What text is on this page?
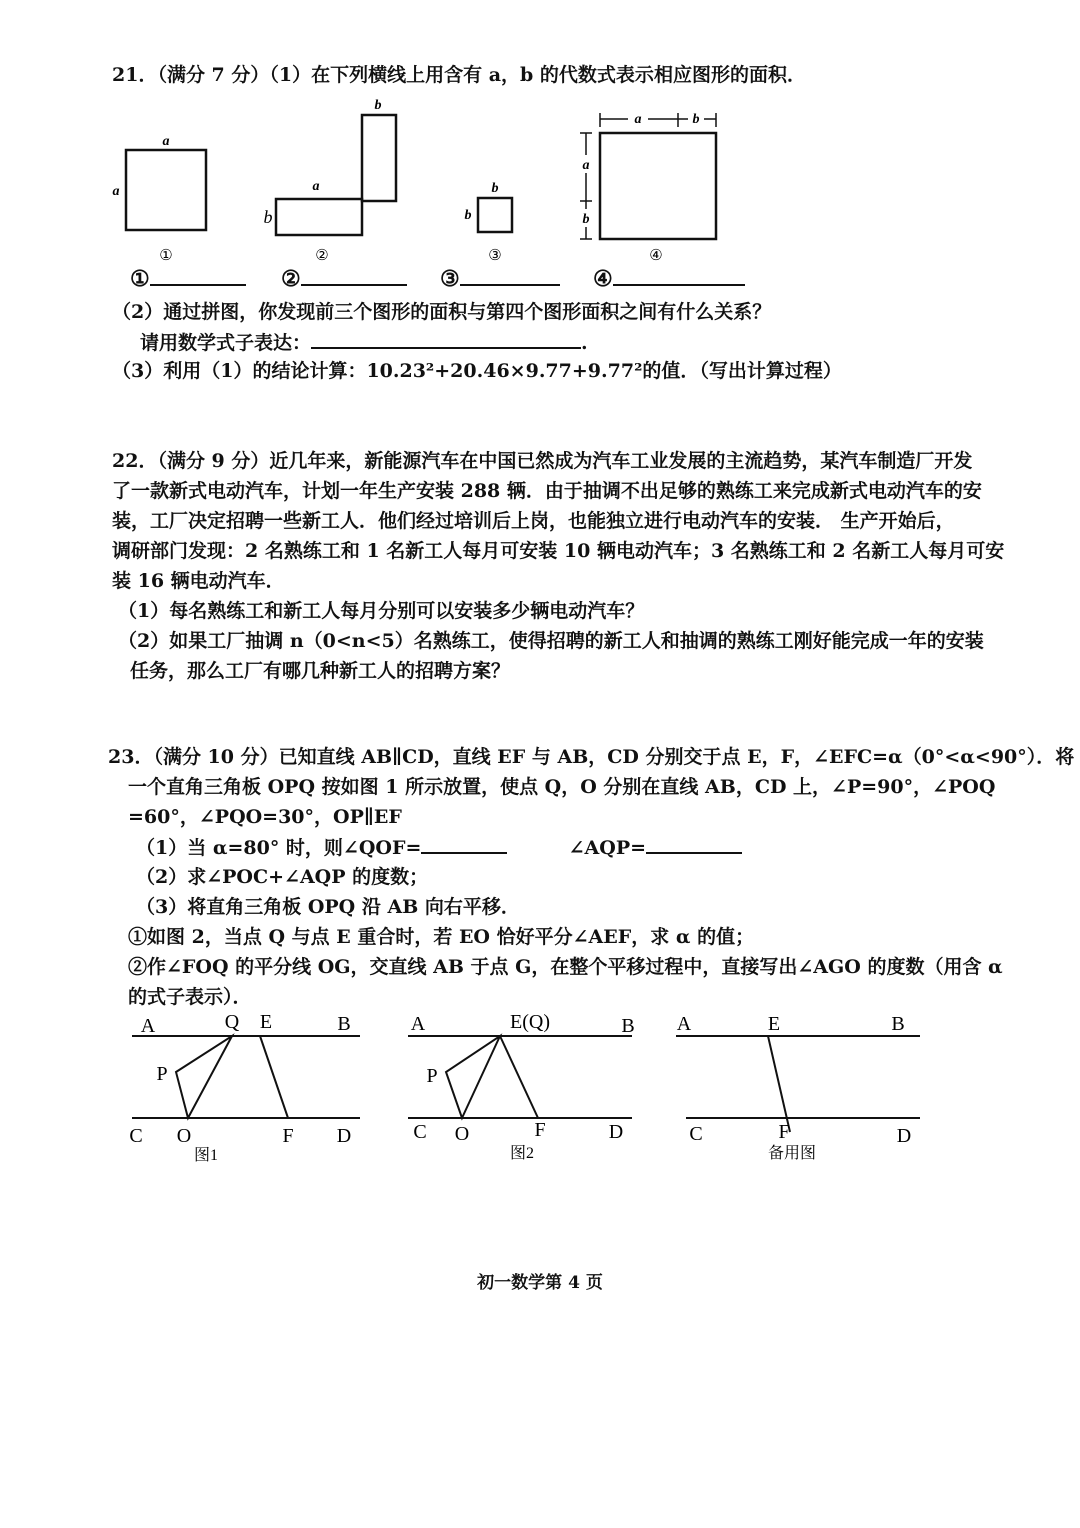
21．（满分 7 分）（1）在下列横线上用含有 a，b 的代数式表示相应图形的面积．
a
a
①
a
b
b
②
b
b
③
a	b
a
b
④
①	②	③	④
（2）通过拼图，你发现前三个图形的面积与第四个图形面积之间有什么关系？
请用数学式子表达：	.
（3）利用（1）的结论计算：10.23²+20.46×9.77+9.77²的值．（写出计算过程）
22．（满分 9 分）近几年来，新能源汽车在中国已然成为汽车工业发展的主流趋势，某汽车制造厂开发
了一款新式电动汽车，计划一年生产安装 288 辆．由于抽调不出足够的熟练工来完成新式电动汽车的安
装，工厂决定招聘一些新工人．他们经过培训后上岗，也能独立进行电动汽车的安装． 生产开始后，
调研部门发现：2 名熟练工和 1 名新工人每月可安装 10 辆电动汽车；3 名熟练工和 2 名新工人每月可安
装 16 辆电动汽车．
（1）每名熟练工和新工人每月分别可以安装多少辆电动汽车？
（2）如果工厂抽调 n（0<n<5）名熟练工，使得招聘的新工人和抽调的熟练工刚好能完成一年的安装
任务，那么工厂有哪几种新工人的招聘方案？
23．（满分 10 分）已知直线 AB∥CD，直线 EF 与 AB，CD 分别交于点 E，F，∠EFC=α（0°<α<90°）．将
一个直角三角板 OPQ 按如图 1 所示放置，使点 Q，O 分别在直线 AB，CD 上，∠P=90°，∠POQ
=60°，∠PQO=30°，OP∥EF
（1）当 α=80° 时，则∠QOF=	∠AQP=
（2）求∠POC+∠AQP 的度数；
（3）将直角三角板 OPQ 沿 AB 向右平移．
①如图 2，当点 Q 与点 E 重合时，若 EO 恰好平分∠AEF，求 α 的值；
②作∠FOQ 的平分线 OG，交直线 AB 于点 G，在整个平移过程中，直接写出∠AGO 的度数（用含 α
的式子表示）．
A	Q E	B
P
C O	F D
图1
A	E(Q)	B
P
C O	F	D
图2
A	E	B
C	F	D
备用图
初一数学第 4 页
